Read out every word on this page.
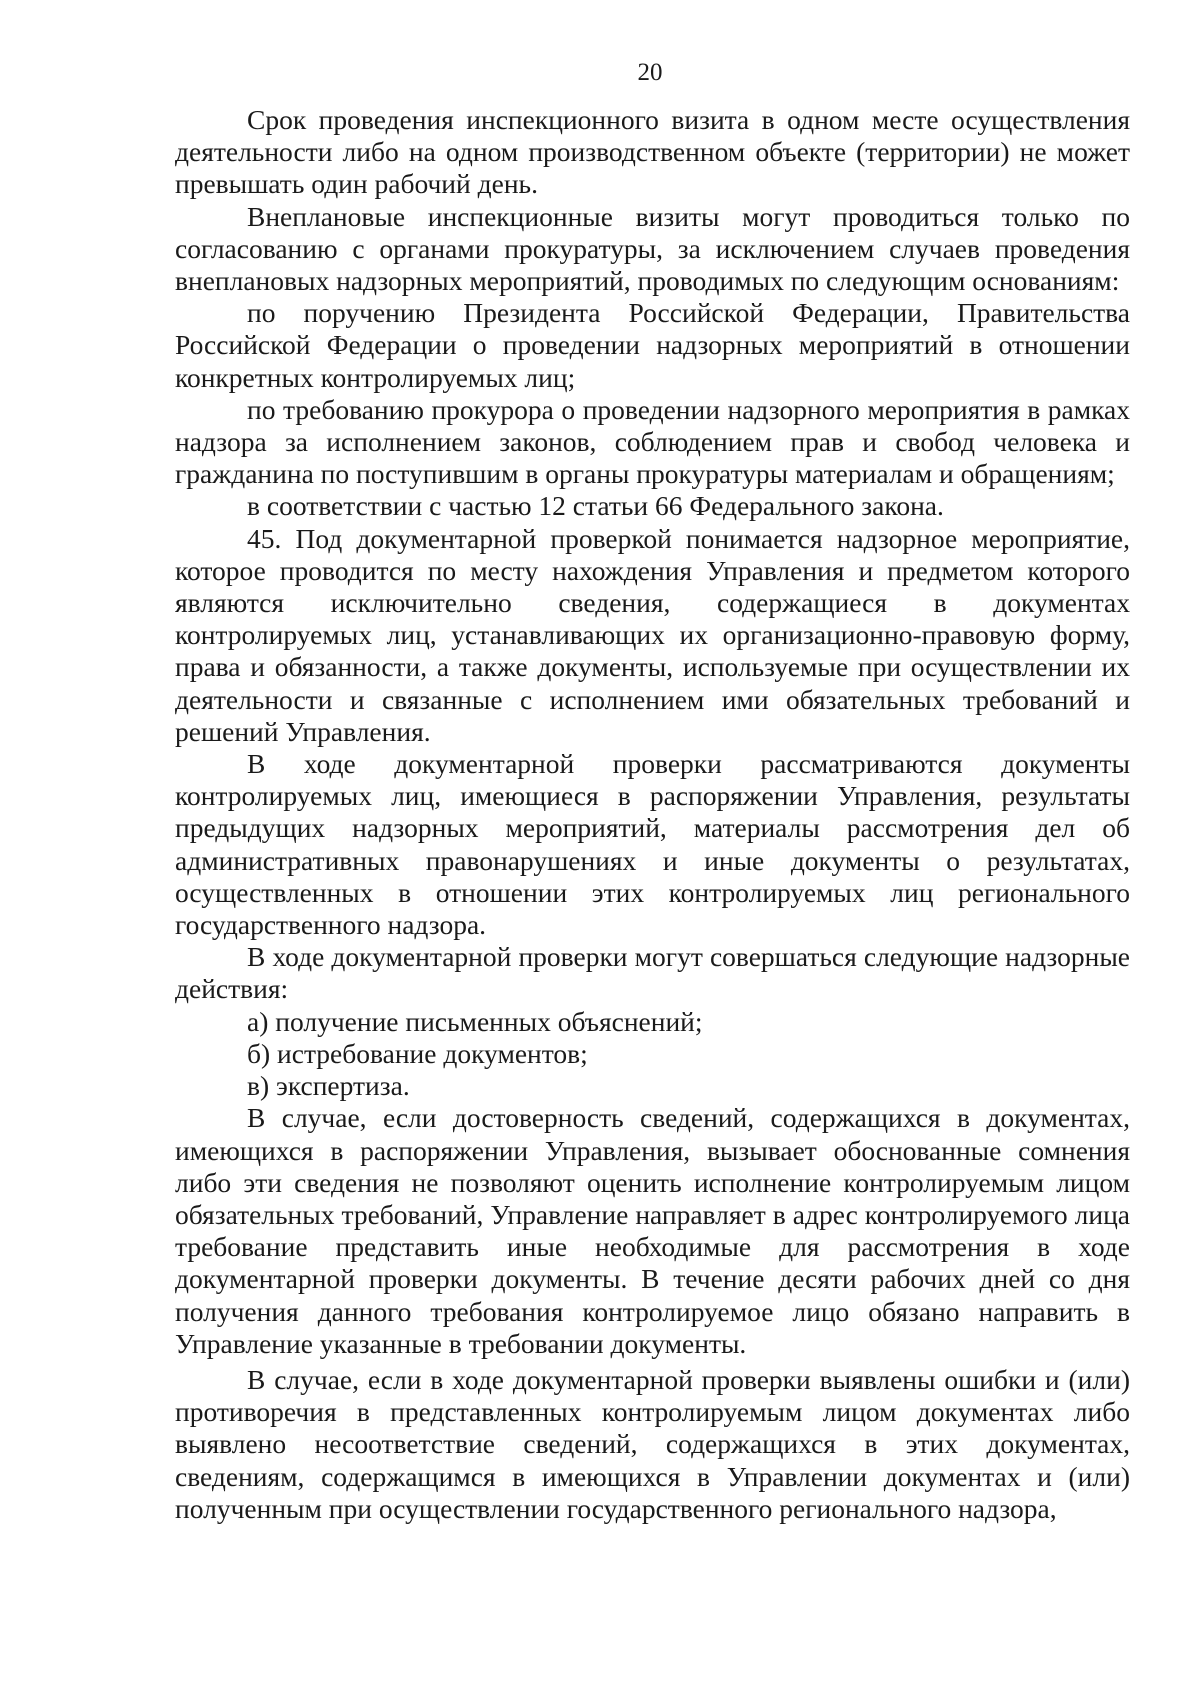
20

Срок проведения инспекционного визита в одном месте осуществления деятельности либо на одном производственном объекте (территории) не может превышать один рабочий день.

Внеплановые инспекционные визиты могут проводиться только по согласованию с органами прокуратуры, за исключением случаев проведения внеплановых надзорных мероприятий, проводимых по следующим основаниям:

по поручению Президента Российской Федерации, Правительства Российской Федерации о проведении надзорных мероприятий в отношении конкретных контролируемых лиц;

по требованию прокурора о проведении надзорного мероприятия в рамках надзора за исполнением законов, соблюдением прав и свобод человека и гражданина по поступившим в органы прокуратуры материалам и обращениям;

в соответствии с частью 12 статьи 66 Федерального закона.

45. Под документарной проверкой понимается надзорное мероприятие, которое проводится по месту нахождения Управления и предметом которого являются исключительно сведения, содержащиеся в документах контролируемых лиц, устанавливающих их организационно-правовую форму, права и обязанности, а также документы, используемые при осуществлении их деятельности и связанные с исполнением ими обязательных требований и решений Управления.

В ходе документарной проверки рассматриваются документы контролируемых лиц, имеющиеся в распоряжении Управления, результаты предыдущих надзорных мероприятий, материалы рассмотрения дел об административных правонарушениях и иные документы о результатах, осуществленных в отношении этих контролируемых лиц регионального государственного надзора.

В ходе документарной проверки могут совершаться следующие надзорные действия:

а) получение письменных объяснений;

б) истребование документов;

в) экспертиза.

В случае, если достоверность сведений, содержащихся в документах, имеющихся в распоряжении Управления, вызывает обоснованные сомнения либо эти сведения не позволяют оценить исполнение контролируемым лицом обязательных требований, Управление направляет в адрес контролируемого лица требование представить иные необходимые для рассмотрения в ходе документарной проверки документы. В течение десяти рабочих дней со дня получения данного требования контролируемое лицо обязано направить в Управление указанные в требовании документы.

В случае, если в ходе документарной проверки выявлены ошибки и (или) противоречия в представленных контролируемым лицом документах либо выявлено несоответствие сведений, содержащихся в этих документах, сведениям, содержащимся в имеющихся в Управлении документах и (или) полученным при осуществлении государственного регионального надзора,
